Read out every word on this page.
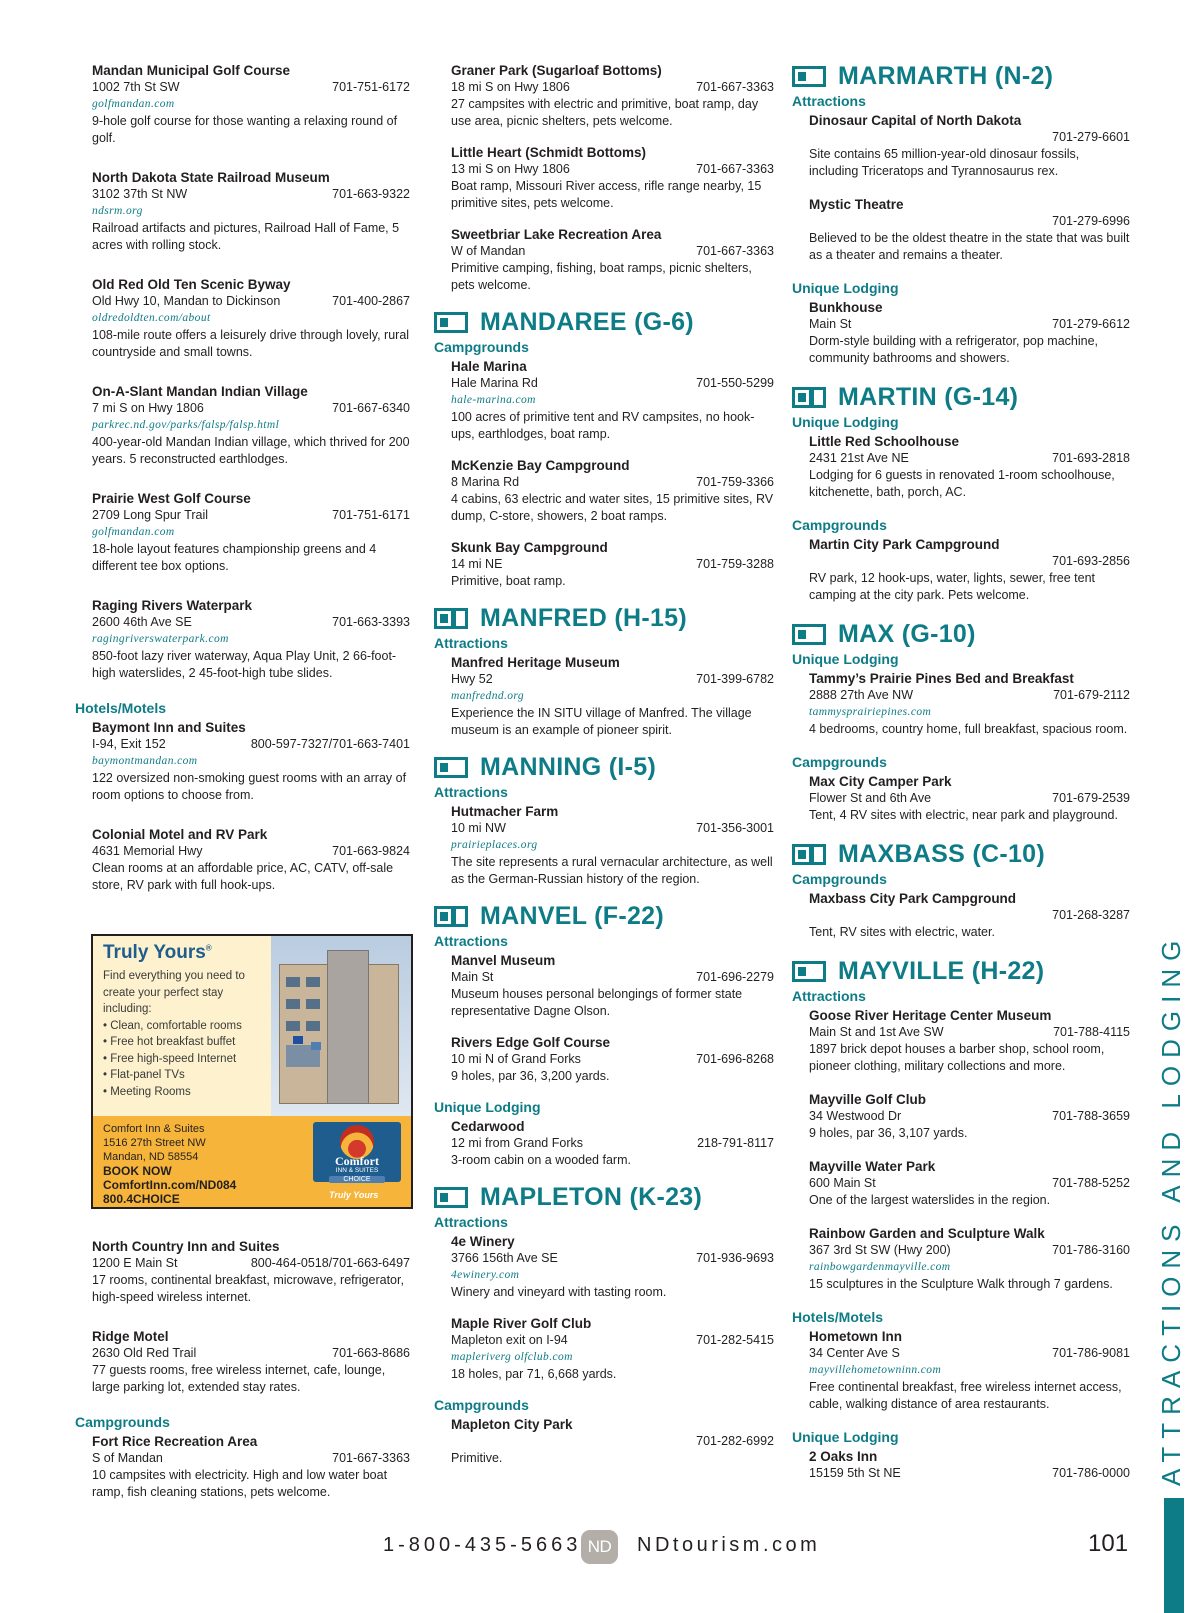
Mandan Municipal Golf Course
1002 7th St SW	701-751-6172
golfmandan.com
9-hole golf course for those wanting a relaxing round of golf.
North Dakota State Railroad Museum
3102 37th St NW	701-663-9322
ndsrm.org
Railroad artifacts and pictures, Railroad Hall of Fame, 5 acres with rolling stock.
Old Red Old Ten Scenic Byway
Old Hwy 10, Mandan to Dickinson	701-400-2867
oldredoldten.com/about
108-mile route offers a leisurely drive through lovely, rural countryside and small towns.
On-A-Slant Mandan Indian Village
7 mi S on Hwy 1806	701-667-6340
parkrec.nd.gov/parks/falsp/falsp.html
400-year-old Mandan Indian village, which thrived for 200 years. 5 reconstructed earthlodges.
Prairie West Golf Course
2709 Long Spur Trail	701-751-6171
golfmandan.com
18-hole layout features championship greens and 4 different tee box options.
Raging Rivers Waterpark
2600 46th Ave SE	701-663-3393
ragingriverswaterpark.com
850-foot lazy river waterway, Aqua Play Unit, 2 66-foot-high waterslides, 2 45-foot-high tube slides.
Hotels/Motels
Baymont Inn and Suites
I-94, Exit 152	800-597-7327/701-663-7401
baymontmandan.com
122 oversized non-smoking guest rooms with an array of room options to choose from.
Colonial Motel and RV Park
4631 Memorial Hwy	701-663-9824
Clean rooms at an affordable price, AC, CATV, off-sale store, RV park with full hook-ups.
Truly Yours®
Find everything you need to create your perfect stay including:
• Clean, comfortable rooms
• Free hot breakfast buffet
• Free high-speed Internet
• Flat-panel TVs
• Meeting Rooms
Comfort Inn & Suites
1516 27th Street NW
Mandan, ND 58554
BOOK NOW
ComfortInn.com/ND084
800.4CHOICE
Comfort
INN & SUITES
CHOICE
Truly Yours
North Country Inn and Suites
1200 E Main St	800-464-0518/701-663-6497
17 rooms, continental breakfast, microwave, refrigerator, high-speed wireless internet.
Ridge Motel
2630 Old Red Trail	701-663-8686
77 guests rooms, free wireless internet, cafe, lounge, large parking lot, extended stay rates.
Campgrounds
Fort Rice Recreation Area
S of Mandan	701-667-3363
10 campsites with electricity. High and low water boat ramp, fish cleaning stations, pets welcome.
Graner Park (Sugarloaf Bottoms)
18 mi S on Hwy 1806	701-667-3363
27 campsites with electric and primitive, boat ramp, day use area, picnic shelters, pets welcome.
Little Heart (Schmidt Bottoms)
13 mi S on Hwy 1806	701-667-3363
Boat ramp, Missouri River access, rifle range nearby, 15 primitive sites, pets welcome.
Sweetbriar Lake Recreation Area
W of Mandan	701-667-3363
Primitive camping, fishing, boat ramps, picnic shelters, pets welcome.
MANDAREE (G-6)
Campgrounds
Hale Marina
Hale Marina Rd	701-550-5299
hale-marina.com
100 acres of primitive tent and RV campsites, no hook-ups, earthlodges, boat ramp.
McKenzie Bay Campground
8 Marina Rd	701-759-3366
4 cabins, 63 electric and water sites, 15 primitive sites, RV dump, C-store, showers, 2 boat ramps.
Skunk Bay Campground
14 mi NE	701-759-3288
Primitive, boat ramp.
MANFRED (H-15)
Attractions
Manfred Heritage Museum
Hwy 52	701-399-6782
manfrednd.org
Experience the IN SITU village of Manfred. The village museum is an example of pioneer spirit.
MANNING (I-5)
Attractions
Hutmacher Farm
10 mi NW	701-356-3001
prairieplaces.org
The site represents a rural vernacular architecture, as well as the German-Russian history of the region.
MANVEL (F-22)
Attractions
Manvel Museum
Main St	701-696-2279
Museum houses personal belongings of former state representative Dagne Olson.
Rivers Edge Golf Course
10 mi N of Grand Forks	701-696-8268
9 holes, par 36, 3,200 yards.
Unique Lodging
Cedarwood
12 mi from Grand Forks	218-791-8117
3-room cabin on a wooded farm.
MAPLETON (K-23)
Attractions
4e Winery
3766 156th Ave SE	701-936-9693
4ewinery.com
Winery and vineyard with tasting room.
Maple River Golf Club
Mapleton exit on I-94	701-282-5415
mapleriverg olfclub.com
18 holes, par 71, 6,668 yards.
Campgrounds
Mapleton City Park
701-282-6992
Primitive.
MARMARTH (N-2)
Attractions
Dinosaur Capital of North Dakota
701-279-6601
Site contains 65 million-year-old dinosaur fossils, including Triceratops and Tyrannosaurus rex.
Mystic Theatre
701-279-6996
Believed to be the oldest theatre in the state that was built as a theater and remains a theater.
Unique Lodging
Bunkhouse
Main St	701-279-6612
Dorm-style building with a refrigerator, pop machine, community bathrooms and showers.
MARTIN (G-14)
Unique Lodging
Little Red Schoolhouse
2431 21st Ave NE	701-693-2818
Lodging for 6 guests in renovated 1-room schoolhouse, kitchenette, bath, porch, AC.
Campgrounds
Martin City Park Campground
701-693-2856
RV park, 12 hook-ups, water, lights, sewer, free tent camping at the city park. Pets welcome.
MAX (G-10)
Unique Lodging
Tammy’s Prairie Pines Bed and Breakfast
2888 27th Ave NW	701-679-2112
tammysprairiepines.com
4 bedrooms, country home, full breakfast, spacious room.
Campgrounds
Max City Camper Park
Flower St and 6th Ave	701-679-2539
Tent, 4 RV sites with electric, near park and playground.
MAXBASS (C-10)
Campgrounds
Maxbass City Park Campground
701-268-3287
Tent, RV sites with electric, water.
MAYVILLE (H-22)
Attractions
Goose River Heritage Center Museum
Main St and 1st Ave SW	701-788-4115
1897 brick depot houses a barber shop, school room, pioneer clothing, military collections and more.
Mayville Golf Club
34 Westwood Dr	701-788-3659
9 holes, par 36, 3,107 yards.
Mayville Water Park
600 Main St	701-788-5252
One of the largest waterslides in the region.
Rainbow Garden and Sculpture Walk
367 3rd St SW (Hwy 200)	701-786-3160
rainbowgardenmayville.com
15 sculptures in the Sculpture Walk through 7 gardens.
Hotels/Motels
Hometown Inn
34 Center Ave S	701-786-9081
mayvillehometowninn.com
Free continental breakfast, free wireless internet access, cable, walking distance of area restaurants.
Unique Lodging
2 Oaks Inn
15159 5th St NE	701-786-0000
1-800-435-5663 ND	NDtourism.com	101
ATTRACTIONS AND LODGING
